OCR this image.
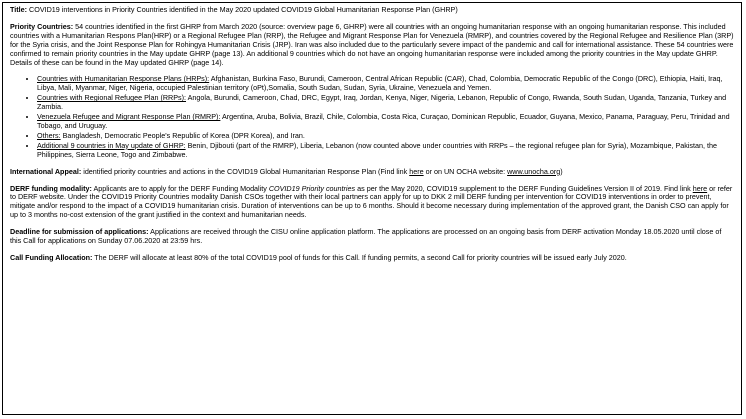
Title: COVID19 interventions in Priority Countries identified in the May 2020 updated COVID19 Global Humanitarian Response Plan (GHRP)

Priority Countries: 54 countries identified in the first GHRP from March 2020 (source: overview page 6, GHRP) were all countries with an ongoing humanitarian response with an ongoing humanitarian response. This included countries with a Humanitarian Respons Plan(HRP) or a Regional Refugee Plan (RRP), the Refugee and Migrant Response Plan for Venezuela (RMRP), and countries covered by the Regional Refugee and Resilience Plan (3RP) for the Syria crisis, and the Joint Response Plan for Rohingya Humanitarian Crisis (JRP). Iran was also included due to the particularly severe impact of the pandemic and call for international assistance. These 54 countries were confirmed to remain priority countries in the May update GHRP (page 13). An additional 9 countries which do not have an ongoing humanitarian response were included among the priority countries in the May update GHRP. Details of these can be found in the May updated GHRP (page 14).

• Countries with Humanitarian Response Plans (HRPs): Afghanistan, Burkina Faso, Burundi, Cameroon, Central African Republic (CAR), Chad, Colombia, Democratic Republic of the Congo (DRC), Ethiopia, Haiti, Iraq, Libya, Mali, Myanmar, Niger, Nigeria, occupied Palestinian territory (oPt),Somalia, South Sudan, Sudan, Syria, Ukraine, Venezuela and Yemen.
• Countries with Regional Refugee Plan (RRPs): Angola, Burundi, Cameroon, Chad, DRC, Egypt, Iraq, Jordan, Kenya, Niger, Nigeria, Lebanon, Republic of Congo, Rwanda, South Sudan, Uganda, Tanzania, Turkey and Zambia.
• Venezuela Refugee and Migrant Response Plan (RMRP): Argentina, Aruba, Bolivia, Brazil, Chile, Colombia, Costa Rica, Curaçao, Dominican Republic, Ecuador, Guyana, Mexico, Panama, Paraguay, Peru, Trinidad and Tobago, and Uruguay.
• Others: Bangladesh, Democratic People's Republic of Korea (DPR Korea), and Iran.
• Additional 9 countries in May update of GHRP: Benin, Djibouti (part of the RMRP), Liberia, Lebanon (now counted above under countries with RRPs – the regional refugee plan for Syria), Mozambique, Pakistan, the Philippines, Sierra Leone, Togo and Zimbabwe.

International Appeal: identified priority countries and actions in the COVID19 Global Humanitarian Response Plan (Find link here or on UN OCHA website: www.unocha.org)

DERF funding modality: Applicants are to apply for the DERF Funding Modality COVID19 Priority countries as per the May 2020, COVID19 supplement to the DERF Funding Guidelines Version II of 2019. Find link here or refer to DERF website. Under the COVID19 Priority Countries modality Danish CSOs together with their local partners can apply for up to DKK 2 mill DERF funding per intervention for COVID19 interventions in order to prevent, mitigate and/or respond to the impact of a COVID19 humanitarian crisis. Duration of interventions can be up to 6 months. Should it become necessary during implementation of the approved grant, the Danish CSO can apply for up to 3 months no-cost extension of the grant justified in the context and humanitarian needs.

Deadline for submission of applications: Applications are received through the CISU online application platform. The applications are processed on an ongoing basis from DERF activation Monday 18.05.2020 until close of this Call for applications on Sunday 07.06.2020 at 23:59 hrs.

Call Funding Allocation: The DERF will allocate at least 80% of the total COVID19 pool of funds for this Call. If funding permits, a second Call for priority countries will be issued early July 2020.
